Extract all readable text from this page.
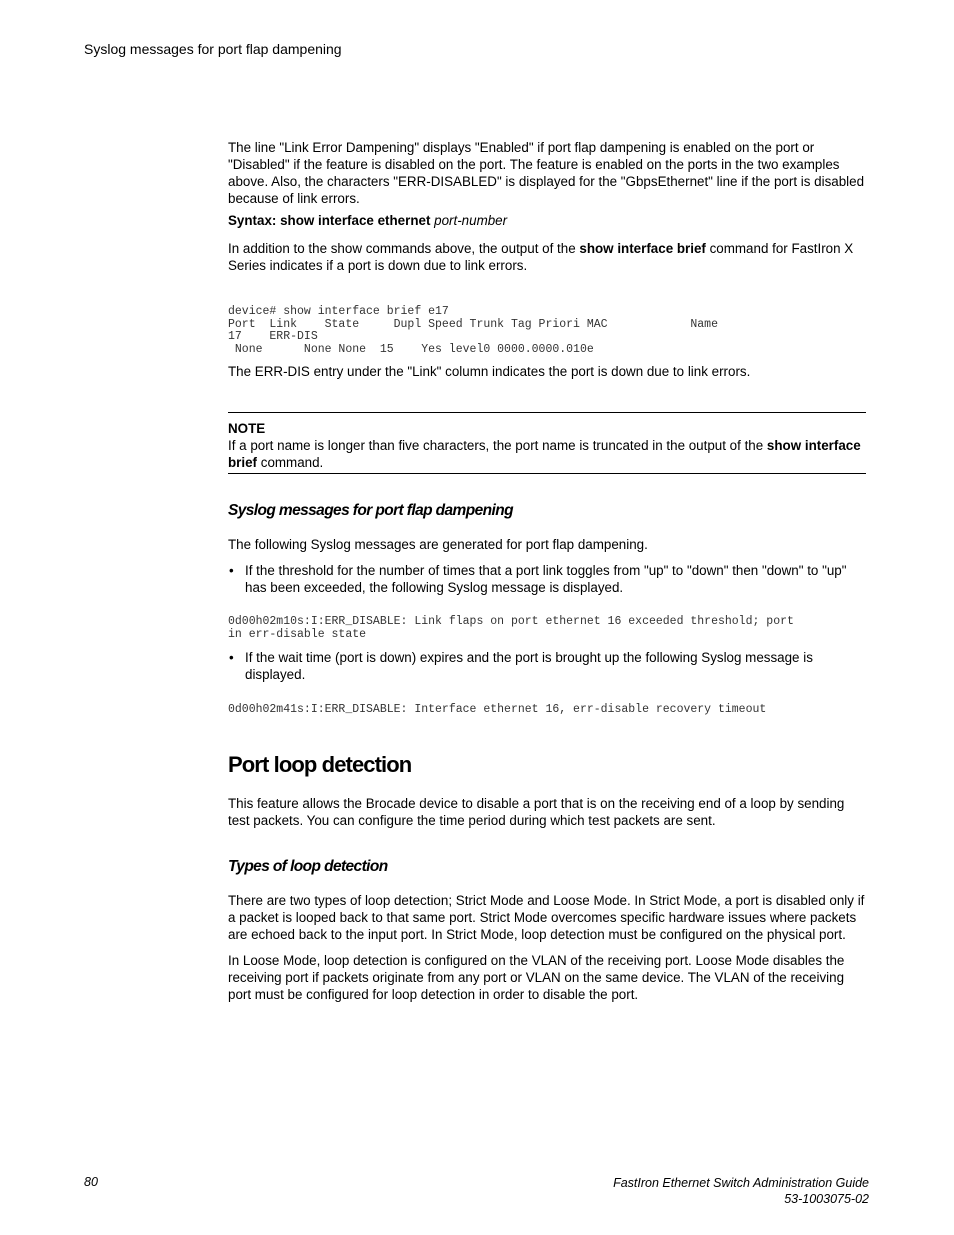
Syslog messages for port flap dampening

The line "Link Error Dampening" displays "Enabled" if port flap dampening is enabled on the port or "Disabled" if the feature is disabled on the port. The feature is enabled on the ports in the two examples above. Also, the characters "ERR-DISABLED" is displayed for the "GbpsEthernet" line if the port is disabled because of link errors.

Syntax: show interface ethernet port-number

In addition to the show commands above, the output of the show interface brief command for FastIron X Series indicates if a port is down due to link errors.

device# show interface brief e17
Port  Link    State     Dupl Speed Trunk Tag Priori MAC            Name
17    ERR-DIS
None      None None  15    Yes level0 0000.0000.010e

The ERR-DIS entry under the "Link" column indicates the port is down due to link errors.

NOTE

If a port name is longer than five characters, the port name is truncated in the output of the show interface brief command.

Syslog messages for port flap dampening

The following Syslog messages are generated for port flap dampening.

• If the threshold for the number of times that a port link toggles from "up" to "down" then "down" to "up" has been exceeded, the following Syslog message is displayed.
0d00h02m10s:I:ERR_DISABLE: Link flaps on port ethernet 16 exceeded threshold; port
in err-disable state
• If the wait time (port is down) expires and the port is brought up the following Syslog message is displayed.
0d00h02m41s:I:ERR_DISABLE: Interface ethernet 16, err-disable recovery timeout
Port loop detection

This feature allows the Brocade device to disable a port that is on the receiving end of a loop by sending test packets. You can configure the time period during which test packets are sent.

Types of loop detection

There are two types of loop detection; Strict Mode and Loose Mode. In Strict Mode, a port is disabled only if a packet is looped back to that same port. Strict Mode overcomes specific hardware issues where packets are echoed back to the input port. In Strict Mode, loop detection must be configured on the physical port.

In Loose Mode, loop detection is configured on the VLAN of the receiving port. Loose Mode disables the receiving port if packets originate from any port or VLAN on the same device. The VLAN of the receiving port must be configured for loop detection in order to disable the port.

80	FastIron Ethernet Switch Administration Guide
53-1003075-02
